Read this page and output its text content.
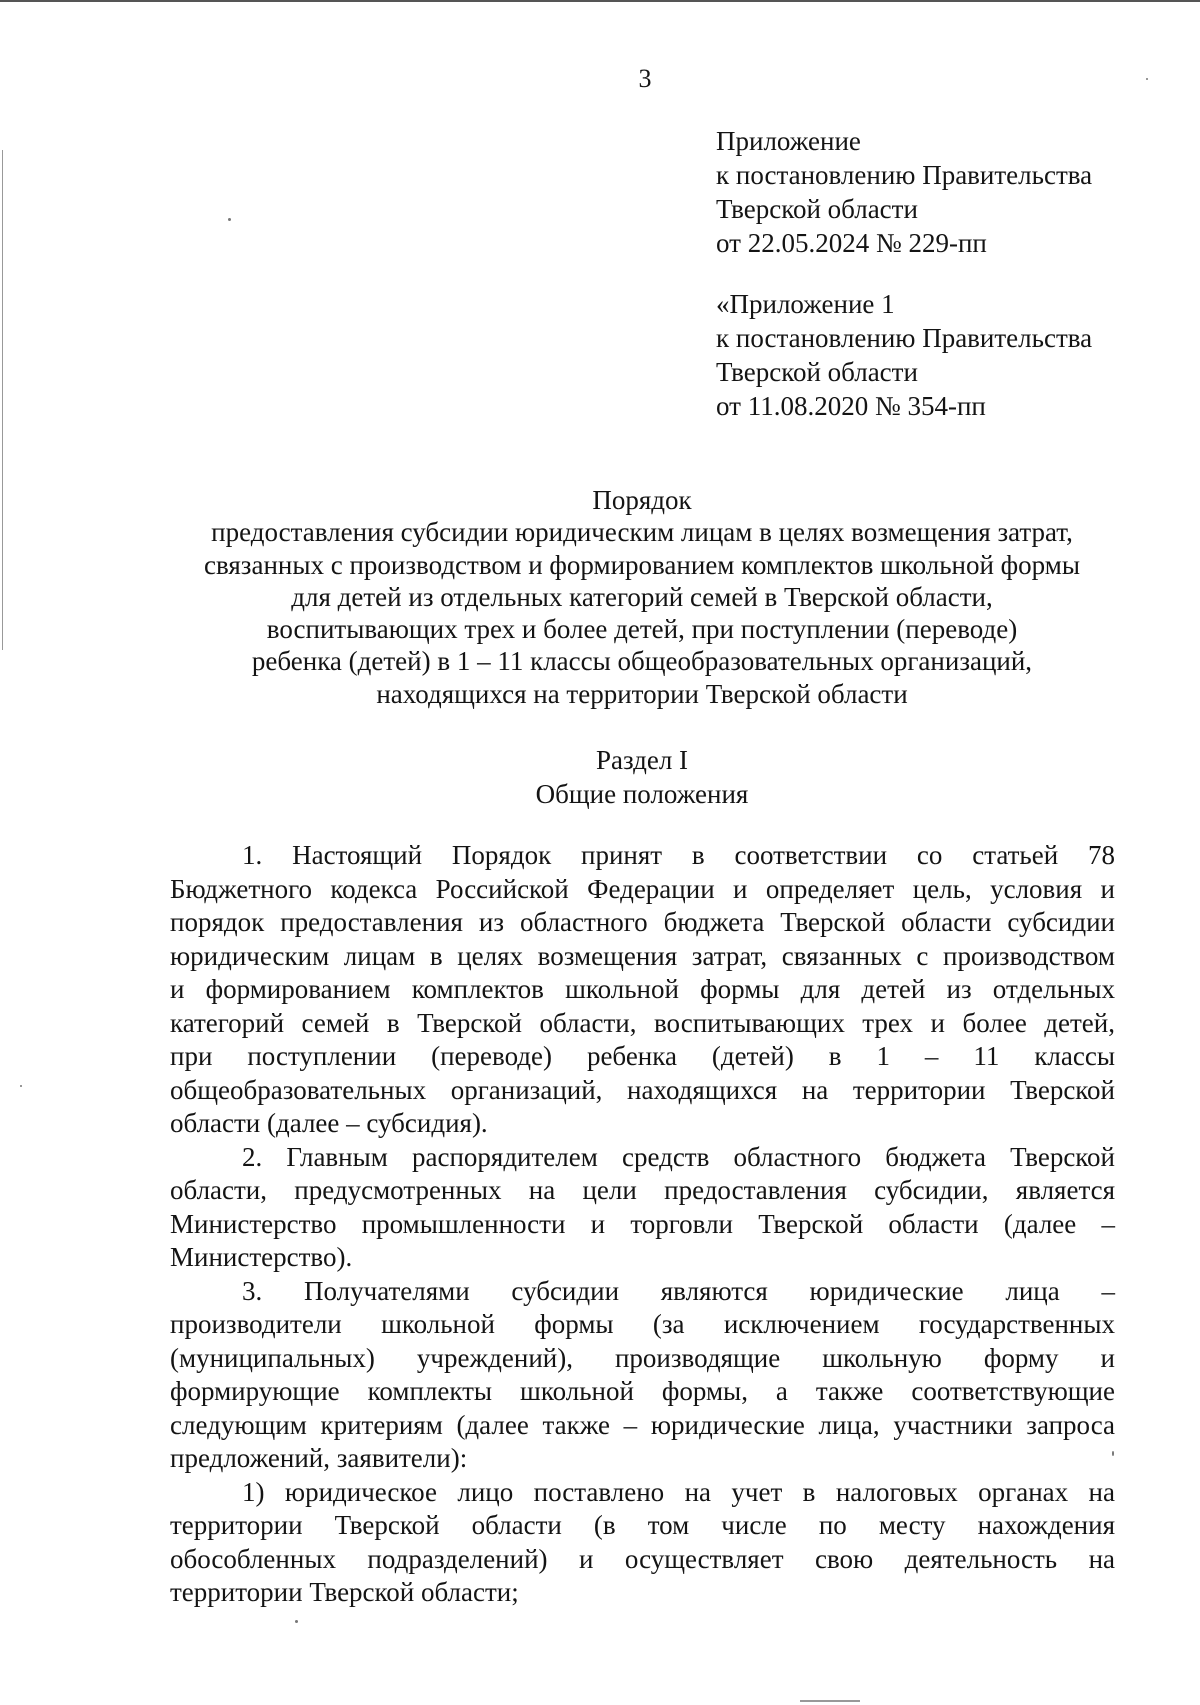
3
Приложение
к постановлению Правительства
Тверской области
от 22.05.2024 № 229-пп
«Приложение 1
к постановлению Правительства
Тверской области
от 11.08.2020 № 354-пп
Порядок
предоставления субсидии юридическим лицам в целях возмещения затрат,
связанных с производством и формированием комплектов школьной формы
для детей из отдельных категорий семей в Тверской области,
воспитывающих трех и более детей, при поступлении (переводе)
ребенка (детей) в 1 – 11 классы общеобразовательных организаций,
находящихся на территории Тверской области
Раздел I
Общие положения

1. Настоящий Порядок принят в соответствии со статьей 78

Бюджетного кодекса Российской Федерации и определяет цель, условия и

порядок предоставления из областного бюджета Тверской области субсидии

юридическим лицам в целях возмещения затрат, связанных с производством

и формированием комплектов школьной формы для детей из отдельных

категорий семей в Тверской области, воспитывающих трех и более детей,

при поступлении (переводе) ребенка (детей) в 1 – 11 классы

общеобразовательных организаций, находящихся на территории Тверской

области (далее – субсидия).

2. Главным распорядителем средств областного бюджета Тверской

области, предусмотренных на цели предоставления субсидии, является

Министерство промышленности и торговли Тверской области (далее –

Министерство).

3. Получателями субсидии являются юридические лица –

производители школьной формы (за исключением государственных

(муниципальных) учреждений), производящие школьную форму и

формирующие комплекты школьной формы, а также соответствующие

следующим критериям (далее также – юридические лица, участники запроса

предложений, заявители):

1) юридическое лицо поставлено на учет в налоговых органах на

территории Тверской области (в том числе по месту нахождения

обособленных подразделений) и осуществляет свою деятельность на

территории Тверской области;
